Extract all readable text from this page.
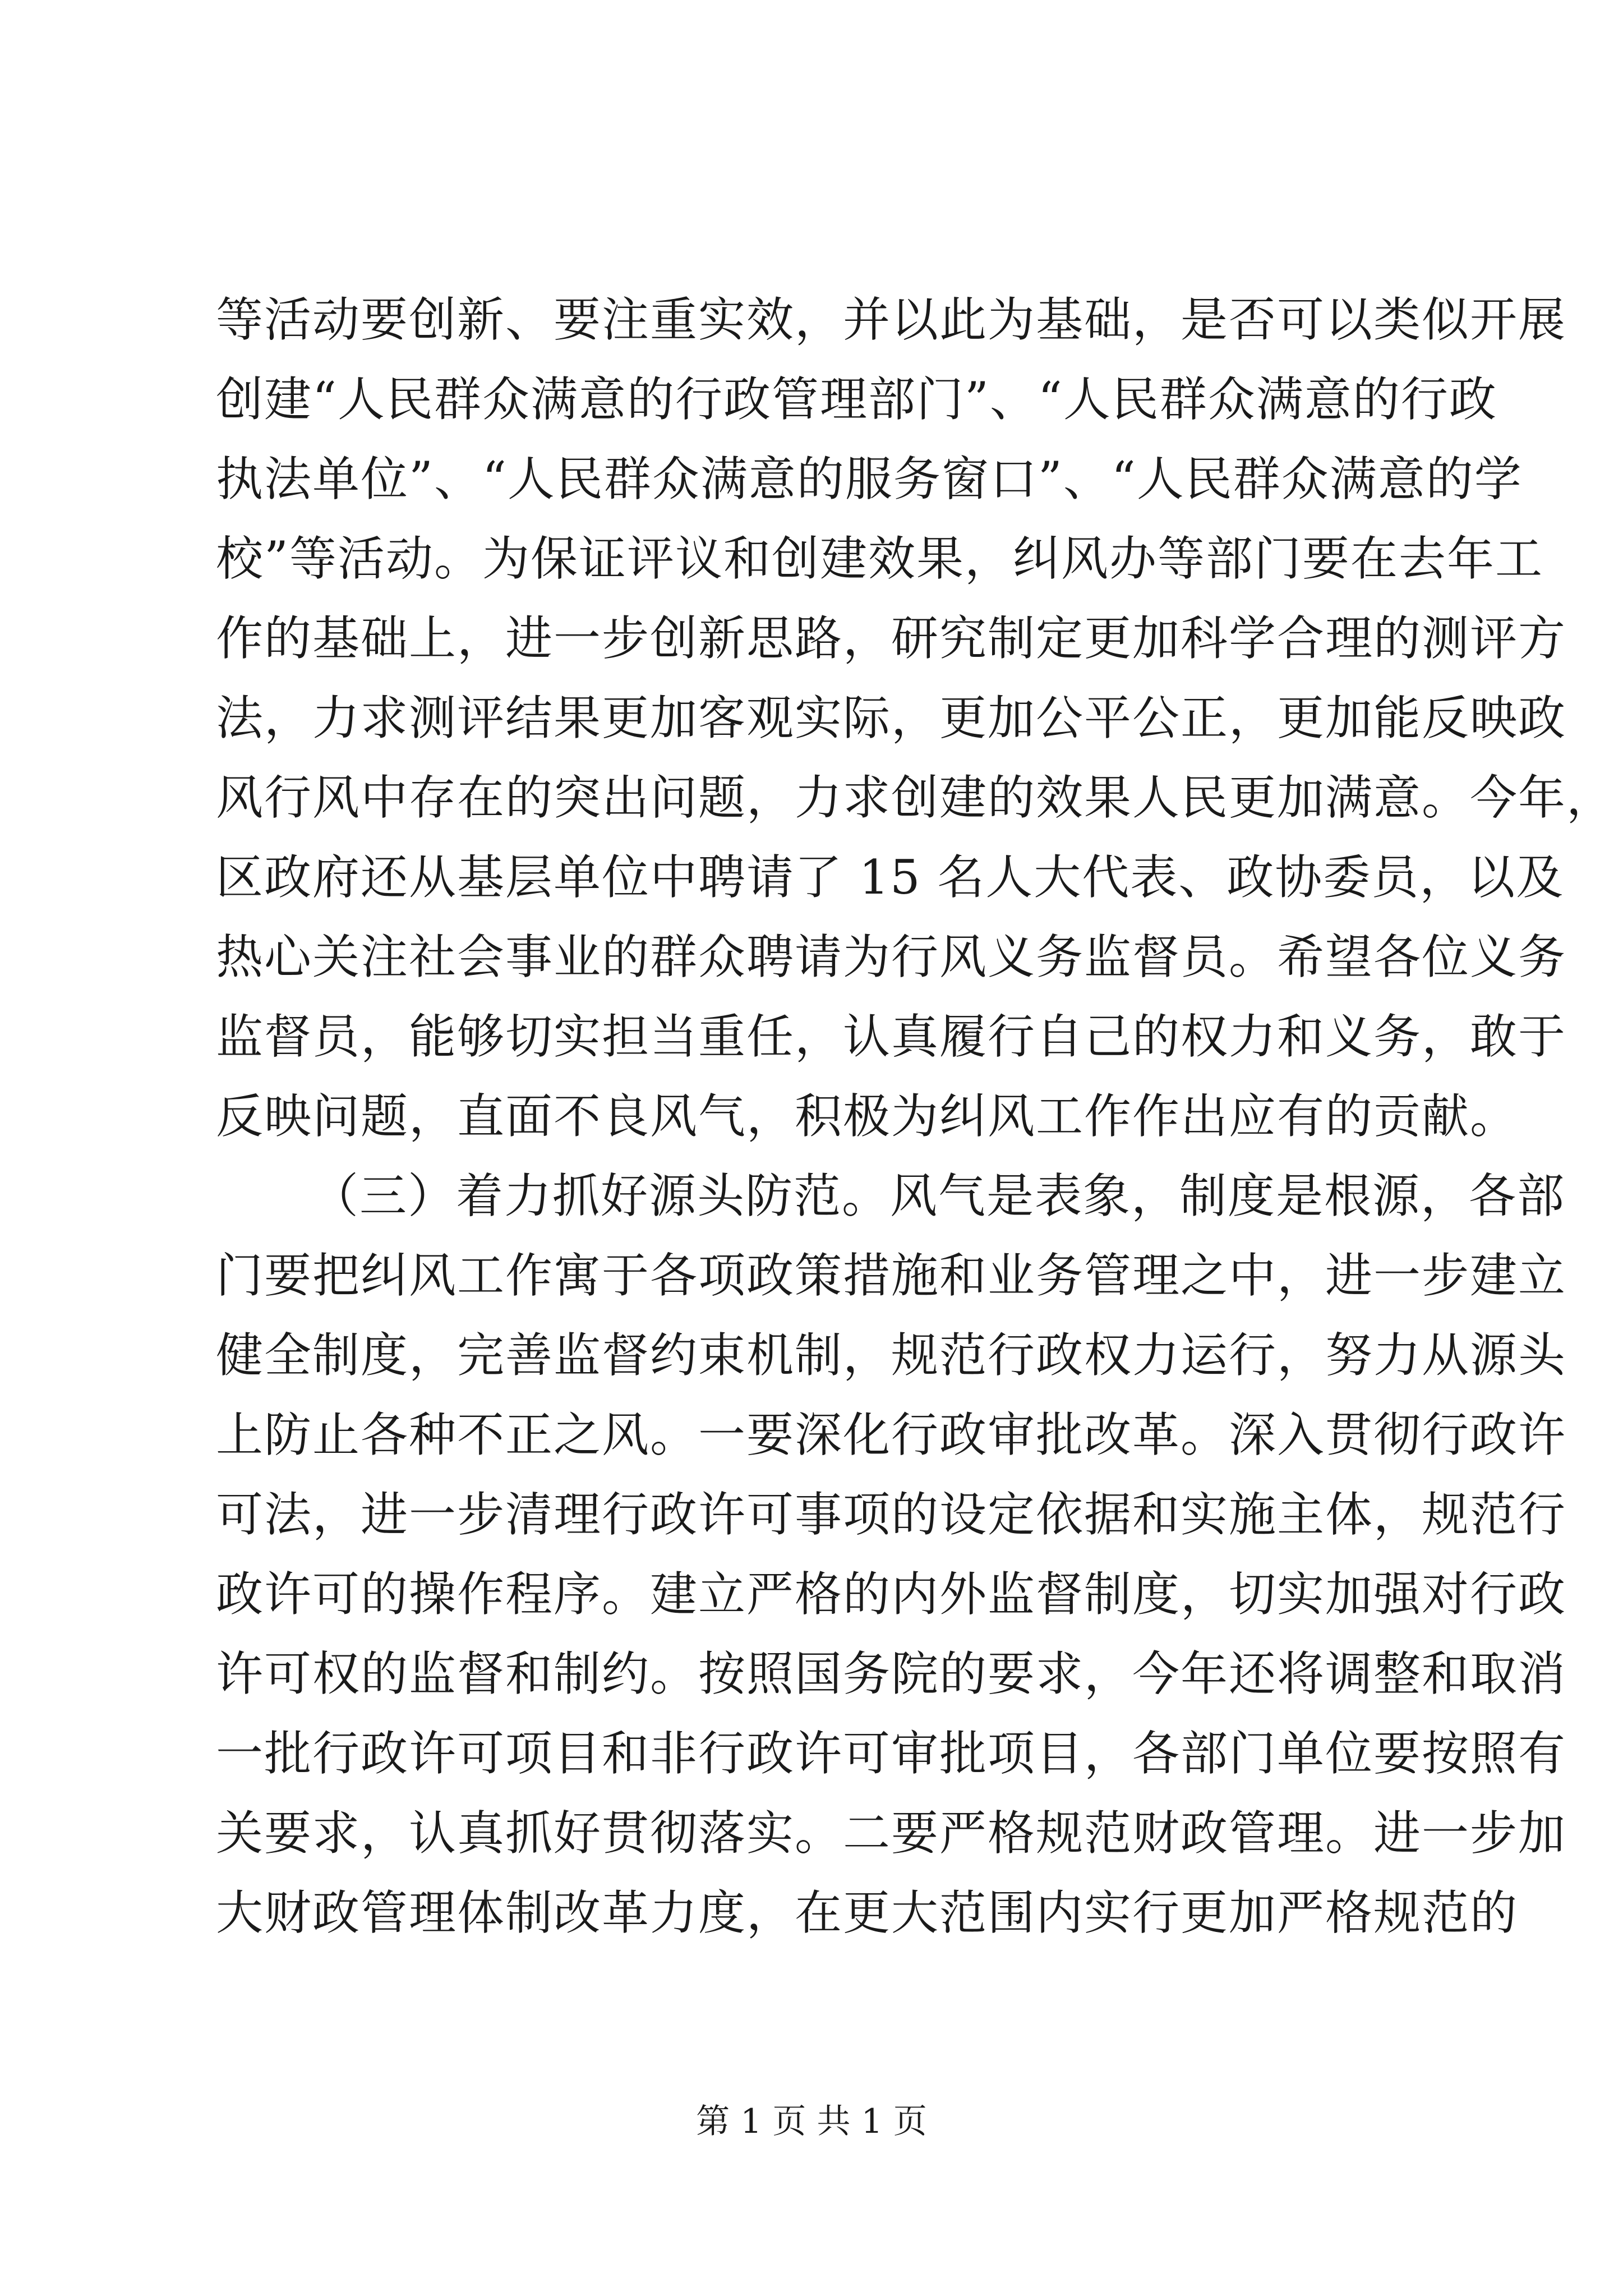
等活动要创新、要注重实效，并以此为基础，是否可以类似开展
创建“人民群众满意的行政管理部门”、“人民群众满意的行政
执法单位”、“人民群众满意的服务窗口”、“人民群众满意的学
校”等活动。为保证评议和创建效果，纠风办等部门要在去年工
作的基础上，进一步创新思路，研究制定更加科学合理的测评方
法，力求测评结果更加客观实际，更加公平公正，更加能反映政
风行风中存在的突出问题，力求创建的效果人民更加满意。今年，
区政府还从基层单位中聘请了 15 名人大代表、政协委员，以及
热心关注社会事业的群众聘请为行风义务监督员。希望各位义务
监督员，能够切实担当重任，认真履行自己的权力和义务，敢于
反映问题，直面不良风气，积极为纠风工作作出应有的贡献。
（三）着力抓好源头防范。风气是表象，制度是根源，各部
门要把纠风工作寓于各项政策措施和业务管理之中，进一步建立
健全制度，完善监督约束机制，规范行政权力运行，努力从源头
上防止各种不正之风。一要深化行政审批改革。深入贯彻行政许
可法，进一步清理行政许可事项的设定依据和实施主体，规范行
政许可的操作程序。建立严格的内外监督制度，切实加强对行政
许可权的监督和制约。按照国务院的要求，今年还将调整和取消
一批行政许可项目和非行政许可审批项目，各部门单位要按照有
关要求，认真抓好贯彻落实。二要严格规范财政管理。进一步加
大财政管理体制改革力度，在更大范围内实行更加严格规范的
第 1 页 共 1 页
